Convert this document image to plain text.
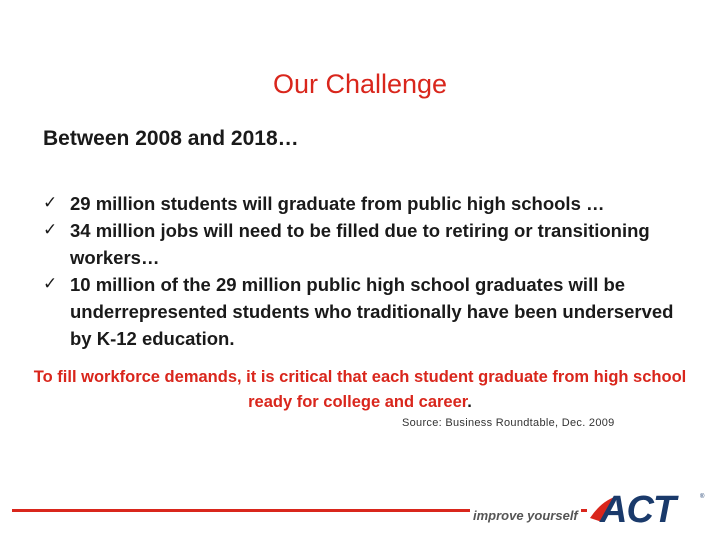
Our Challenge
Between 2008 and 2018…
✓ 29 million students will graduate from public high schools …
✓ 34 million jobs will need to be filled due to retiring or transitioning workers…
✓ 10 million of the 29 million public high school graduates will be underrepresented students who traditionally have been underserved by K-12 education.
To fill workforce demands, it is critical that each student graduate from high school ready for college and career.
Source: Business Roundtable, Dec. 2009
improve yourself ACT	®
